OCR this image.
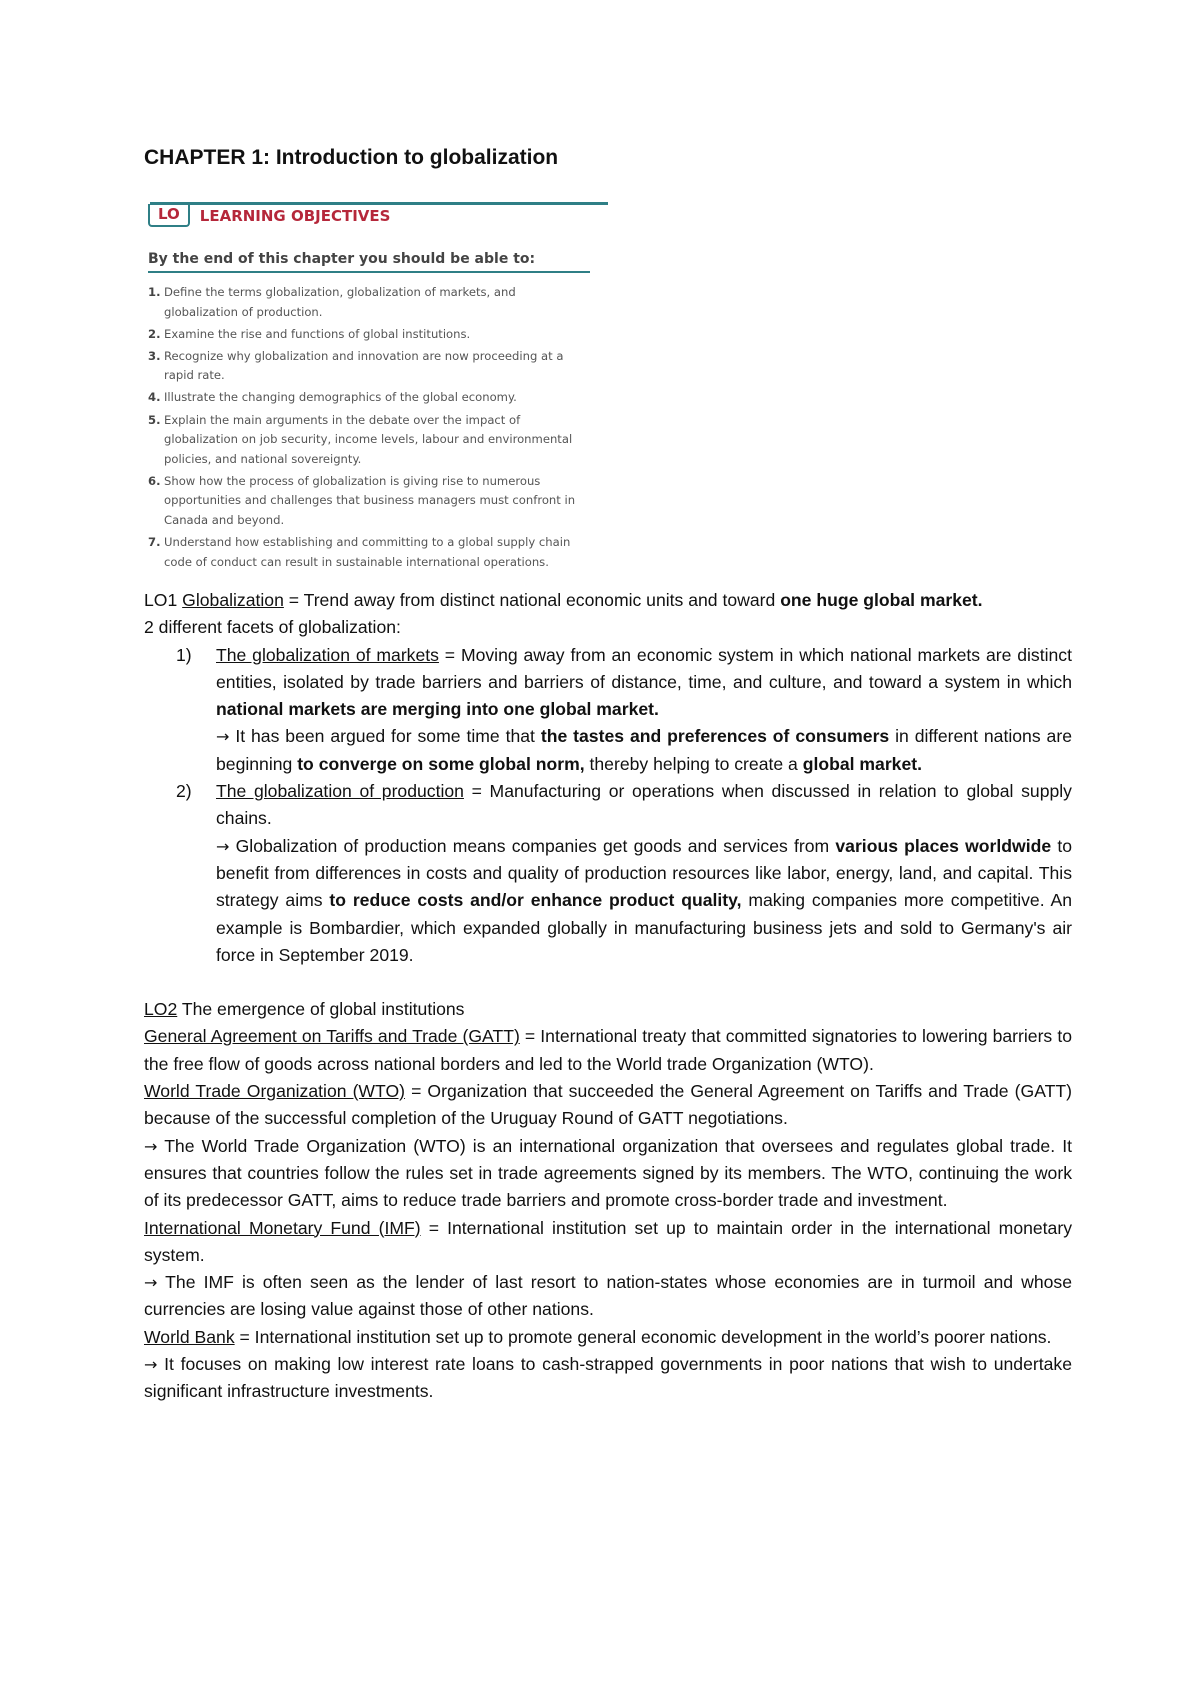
CHAPTER 1: Introduction to globalization
LO	LEARNING OBJECTIVES
By the end of this chapter you should be able to:
1. Define the terms globalization, globalization of markets, and globalization of production.
2. Examine the rise and functions of global institutions.
3. Recognize why globalization and innovation are now proceeding at a rapid rate.
4. Illustrate the changing demographics of the global economy.
5. Explain the main arguments in the debate over the impact of globalization on job security, income levels, labour and environmental policies, and national sovereignty.
6. Show how the process of globalization is giving rise to numerous opportunities and challenges that business managers must confront in Canada and beyond.
7. Understand how establishing and committing to a global supply chain code of conduct can result in sustainable international operations.

LO1 Globalization = Trend away from distinct national economic units and toward one huge global market.

2 different facets of globalization:

1)	The globalization of markets = Moving away from an economic system in which national markets are distinct entities, isolated by trade barriers and barriers of distance, time, and culture, and toward a system in which national markets are merging into one global market.
→ It has been argued for some time that the tastes and preferences of consumers in different nations are beginning to converge on some global norm, thereby helping to create a global market.
2)	The globalization of production = Manufacturing or operations when discussed in relation to global supply chains.
→ Globalization of production means companies get goods and services from various places worldwide to benefit from differences in costs and quality of production resources like labor, energy, land, and capital. This strategy aims to reduce costs and/or enhance product quality, making companies more competitive. An example is Bombardier, which expanded globally in manufacturing business jets and sold to Germany's air force in September 2019.

LO2 The emergence of global institutions

General Agreement on Tariffs and Trade (GATT) = International treaty that committed signatories to lowering barriers to the free flow of goods across national borders and led to the World trade Organization (WTO).

World Trade Organization (WTO) = Organization that succeeded the General Agreement on Tariffs and Trade (GATT) because of the successful completion of the Uruguay Round of GATT negotiations.

→ The World Trade Organization (WTO) is an international organization that oversees and regulates global trade. It ensures that countries follow the rules set in trade agreements signed by its members. The WTO, continuing the work of its predecessor GATT, aims to reduce trade barriers and promote cross-border trade and investment.

International Monetary Fund (IMF) = International institution set up to maintain order in the international monetary system.

→ The IMF is often seen as the lender of last resort to nation-states whose economies are in turmoil and whose currencies are losing value against those of other nations.

World Bank = International institution set up to promote general economic development in the world’s poorer nations.

→ It focuses on making low interest rate loans to cash-strapped governments in poor nations that wish to undertake significant infrastructure investments.
